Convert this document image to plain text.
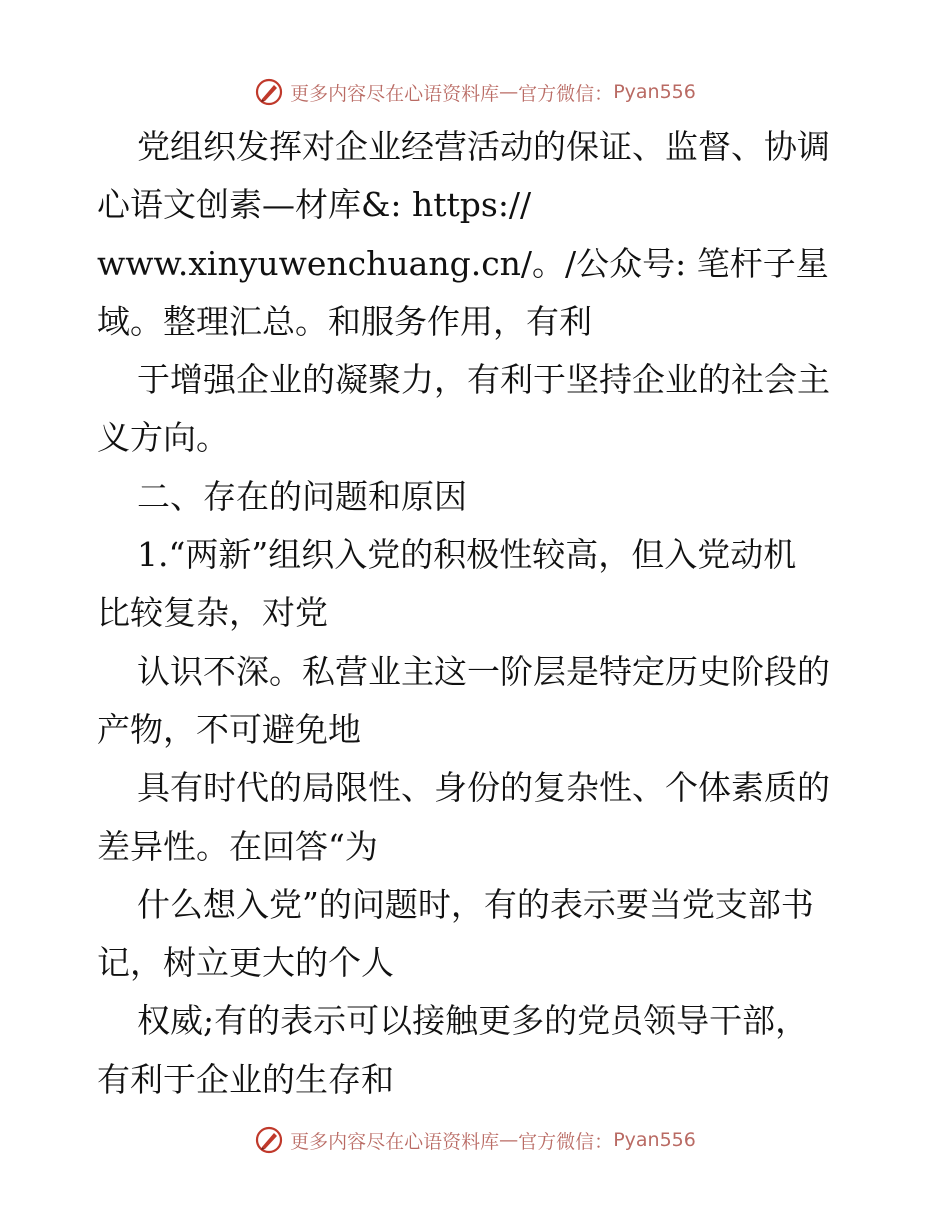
更多内容尽在心语资料库 — 官方微信： Pyan556
党组织发挥对企业经营活动的保证、监督、协调
心语文创素—材库&: https://
www.xinyuwenchuang.cn/。/公众号: 笔杆子星
域。整理汇总。和服务作用，有利
于增强企业的凝聚力，有利于坚持企业的社会主
义方向。
二、存在的问题和原因
1.“两新”组织入党的积极性较高，但入党动机
比较复杂，对党
认识不深。私营业主这一阶层是特定历史阶段的
产物，不可避免地
具有时代的局限性、身份的复杂性、个体素质的
差异性。在回答“为
什么想入党”的问题时，有的表示要当党支部书
记，树立更大的个人
权威;有的表示可以接触更多的党员领导干部，
有利于企业的生存和
更多内容尽在心语资料库 — 官方微信： Pyan556
